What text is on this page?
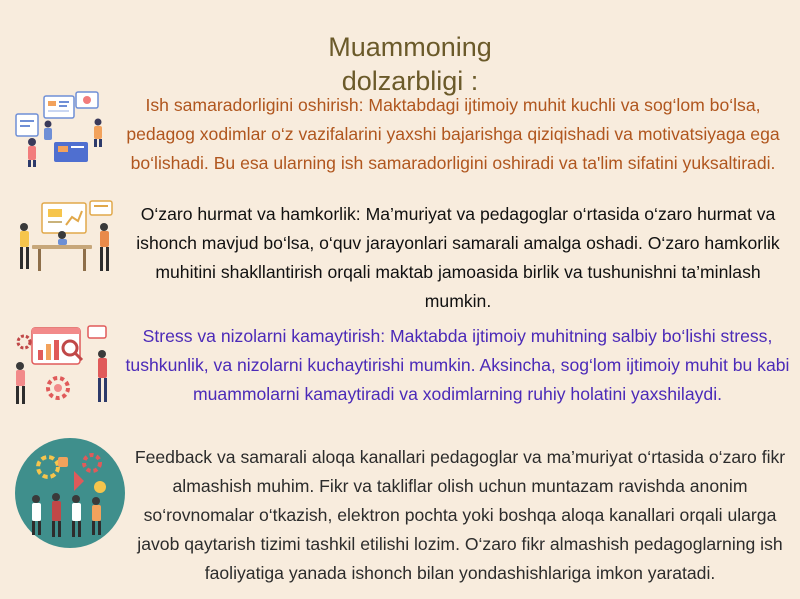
Muammoning dolzarbligi :
Ish samaradorligini oshirish: Maktabdagi ijtimoiy muhit kuchli va sog‘lom bo‘lsa, pedagog xodimlar o‘z vazifalarini yaxshi bajarishga qiziqishadi va motivatsiyaga ega bo‘lishadi. Bu esa ularning ish samaradorligini oshiradi va ta'lim sifatini yuksaltiradi.
O‘zaro hurmat va hamkorlik: Ma’muriyat va pedagoglar o‘rtasida o‘zaro hurmat va ishonch mavjud bo‘lsa, o‘quv jarayonlari samarali amalga oshadi. O‘zaro hamkorlik muhitini shakllantirish orqali maktab jamoasida birlik va tushunishni ta’minlash mumkin.
Stress va nizolarni kamaytirish: Maktabda ijtimoiy muhitning salbiy bo‘lishi stress, tushkunlik, va nizolarni kuchaytirishi mumkin. Aksincha, sog‘lom ijtimoiy muhit bu kabi muammolarni kamaytiradi va xodimlarning ruhiy holatini yaxshilaydi.
Feedback va samarali aloqa kanallari pedagoglar va ma’muriyat o‘rtasida o‘zaro fikr almashish muhim. Fikr va takliflar olish uchun muntazam ravishda anonim so‘rovnomalar o‘tkazish, elektron pochta yoki boshqa aloqa kanallari orqali ularga javob qaytarish tizimi tashkil etilishi lozim. O‘zaro fikr almashish pedagoglarning ish faoliyatiga yanada ishonch bilan yondashishlariga imkon yaratadi.
